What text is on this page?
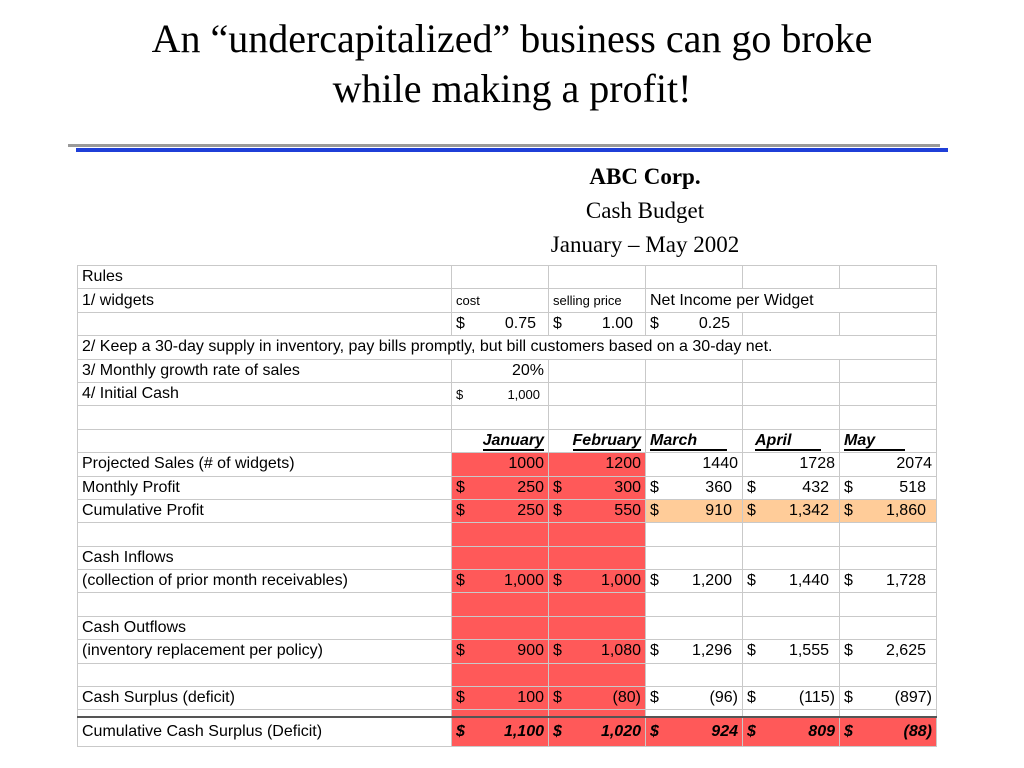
An “undercapitalized” business can go broke
while making a profit!
ABC Corp.
Cash Budget
January – May 2002
Rules					
1/ widgets	cost	selling price	Net Income per Widget		

	$ 0.75	$ 1.00	$ 0.25		

2/ Keep a 30-day supply in inventory, pay bills promptly, but bill customers based on a 30-day net.					
3/ Monthly growth rate of sales	20%				
4/ Initial Cash	$ 1,000				

	January	February	March	April	May
Projected Sales (# of widgets)	1000	1200	1440	1728	2074
Monthly Profit	$ 250	$ 300	$ 360	$ 432	$ 518

Cumulative Profit	$ 250	$ 550	$ 910	$ 1,342	$ 1,860

Cash Inflows					
(collection of prior month receivables)	$ 1,000	$ 1,000	$ 1,200	$ 1,440	$ 1,728

Cash Outflows					
(inventory replacement per policy)	$ 900	$ 1,080	$ 1,296	$ 1,555	$ 2,625

Cash Surplus (deficit)	$ 100	$ (80)	$ (96)	$ (115)	$ (897)

Cumulative Cash Surplus (Deficit)	$ 1,100	$ 1,020	$ 924	$ 809	$ (88)
